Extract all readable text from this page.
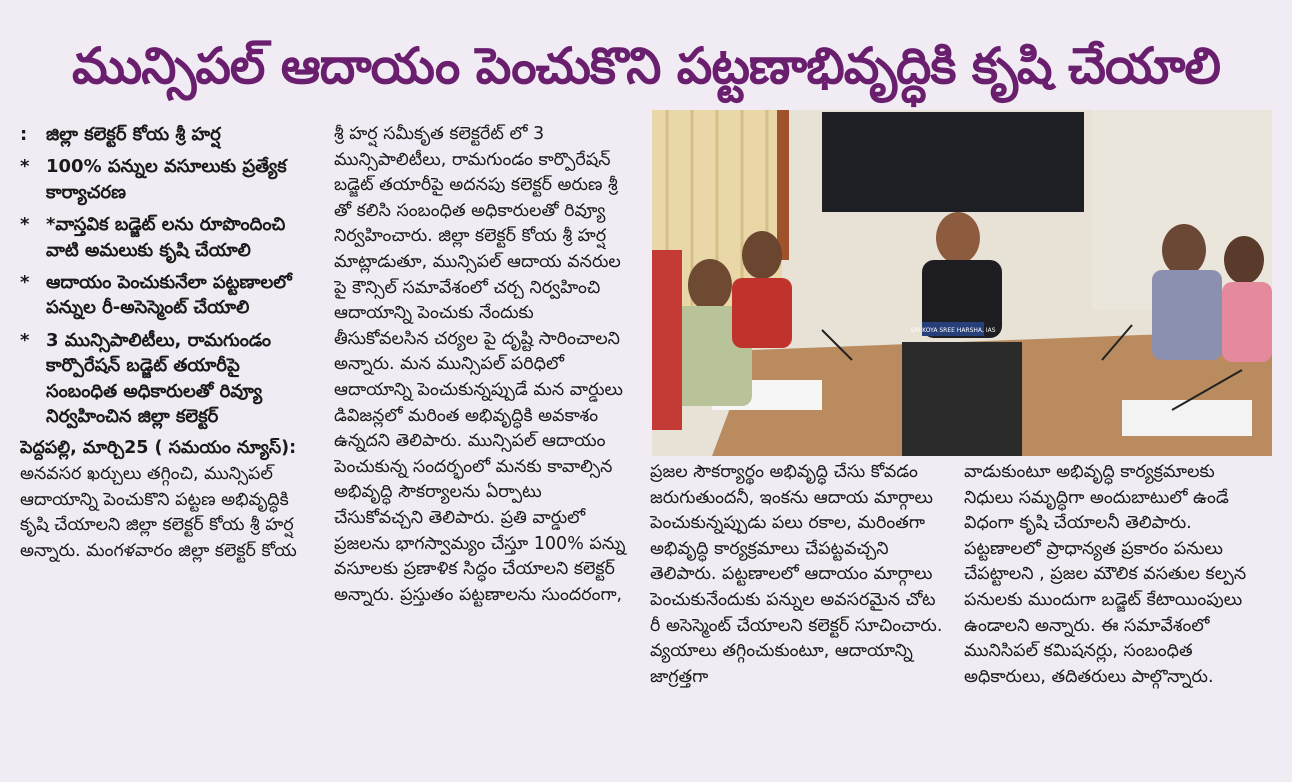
మున్సిపల్ ఆదాయం పెంచుకొని పట్టణాభివృద్ధికి కృషి చేయాలి
:	జిల్లా కలెక్టర్ కోయ శ్రీ హర్ష
* 100% పన్నుల వసూలుకు ప్రత్యేక కార్యాచరణ
* *వాస్తవిక బడ్జెట్ లను రూపొందించి వాటి అమలుకు కృషి చేయాలి
* ఆదాయం పెంచుకునేలా పట్టణాలలో పన్నుల రీ-అసెస్మెంట్ చేయాలి
* 3 మున్సిపాలిటీలు, రామగుండం కార్పొరేషన్ బడ్జెట్ తయారీపై సంబంధిత అధికారులతో రివ్యూ నిర్వహించిన జిల్లా కలెక్టర్

పెద్దపల్లి, మార్చి25 ( సమయం న్యూస్): అనవసర ఖర్చులు తగ్గించి, మున్సిపల్ ఆదాయాన్ని పెంచుకొని పట్టణ అభివృద్ధికి కృషి చేయాలని జిల్లా కలెక్టర్ కోయ శ్రీ హర్ష అన్నారు. మంగళవారం జిల్లా కలెక్టర్ కోయ

శ్రీ హర్ష సమీకృత కలెక్టరేట్ లో 3 మున్సిపాలిటీలు, రామగుండం కార్పొరేషన్ బడ్జెట్ తయారీపై అదనపు కలెక్టర్ అరుణ శ్రీ తో కలిసి సంబంధిత అధికారులతో రివ్యూ నిర్వహించారు. జిల్లా కలెక్టర్ కోయ శ్రీ హర్ష మాట్లాడుతూ, మున్సిపల్ ఆదాయ వనరుల పై కౌన్సిల్ సమావేశంలో చర్చ నిర్వహించి ఆదాయాన్ని పెంచుకు నేందుకు తీసుకోవలసిన చర్యల పై దృష్టి సారించాలని అన్నారు. మన మున్సిపల్ పరిధిలో ఆదాయాన్ని పెంచుకున్నప్పుడే మన వార్డులు డివిజన్లలో మరింత అభివృద్ధికి అవకాశం ఉన్నదని తెలిపారు. మున్సిపల్ ఆదాయం పెంచుకున్న సందర్భంలో మనకు కావాల్సిన అభివృద్ధి సౌకర్యాలను ఏర్పాటు చేసుకోవచ్చని తెలిపారు. ప్రతి వార్డులో ప్రజలను భాగస్వామ్యం చేస్తూ 100% పన్ను వసూలకు ప్రణాళిక సిద్ధం చేయాలని కలెక్టర్ అన్నారు. ప్రస్తుతం పట్టణాలను సుందరంగా,

SRI KOYA SREE HARSHA, IAS

ప్రజల సౌకర్యార్థం అభివృద్ధి చేసు కోవడం జరుగుతుందనీ, ఇంకను ఆదాయ మార్గాలు పెంచుకున్నప్పుడు పలు రకాల, మరింతగా అభివృద్ధి కార్యక్రమాలు చేపట్టవచ్చని తెలిపారు. పట్టణాలలో ఆదాయం మార్గాలు పెంచుకునేందుకు పన్నుల అవసరమైన చోట రీ అసెస్మెంట్ చేయాలని కలెక్టర్ సూచించారు. వ్యయాలు తగ్గించుకుంటూ, ఆదాయాన్ని జాగ్రత్తగా

వాడుకుంటూ అభివృద్ధి కార్యక్రమాలకు నిధులు సమృద్ధిగా అందుబాటులో ఉండే విధంగా కృషి చేయాలనీ తెలిపారు. పట్టణాలలో ప్రాధాన్యత ప్రకారం పనులు చేపట్టాలని , ప్రజల మౌలిక వసతుల కల్పన పనులకు ముందుగా బడ్జెట్ కేటాయింపులు ఉండాలని అన్నారు. ఈ సమావేశంలో మునిసిపల్ కమిషనర్లు, సంబంధిత అధికారులు, తదితరులు పాల్గొన్నారు.
